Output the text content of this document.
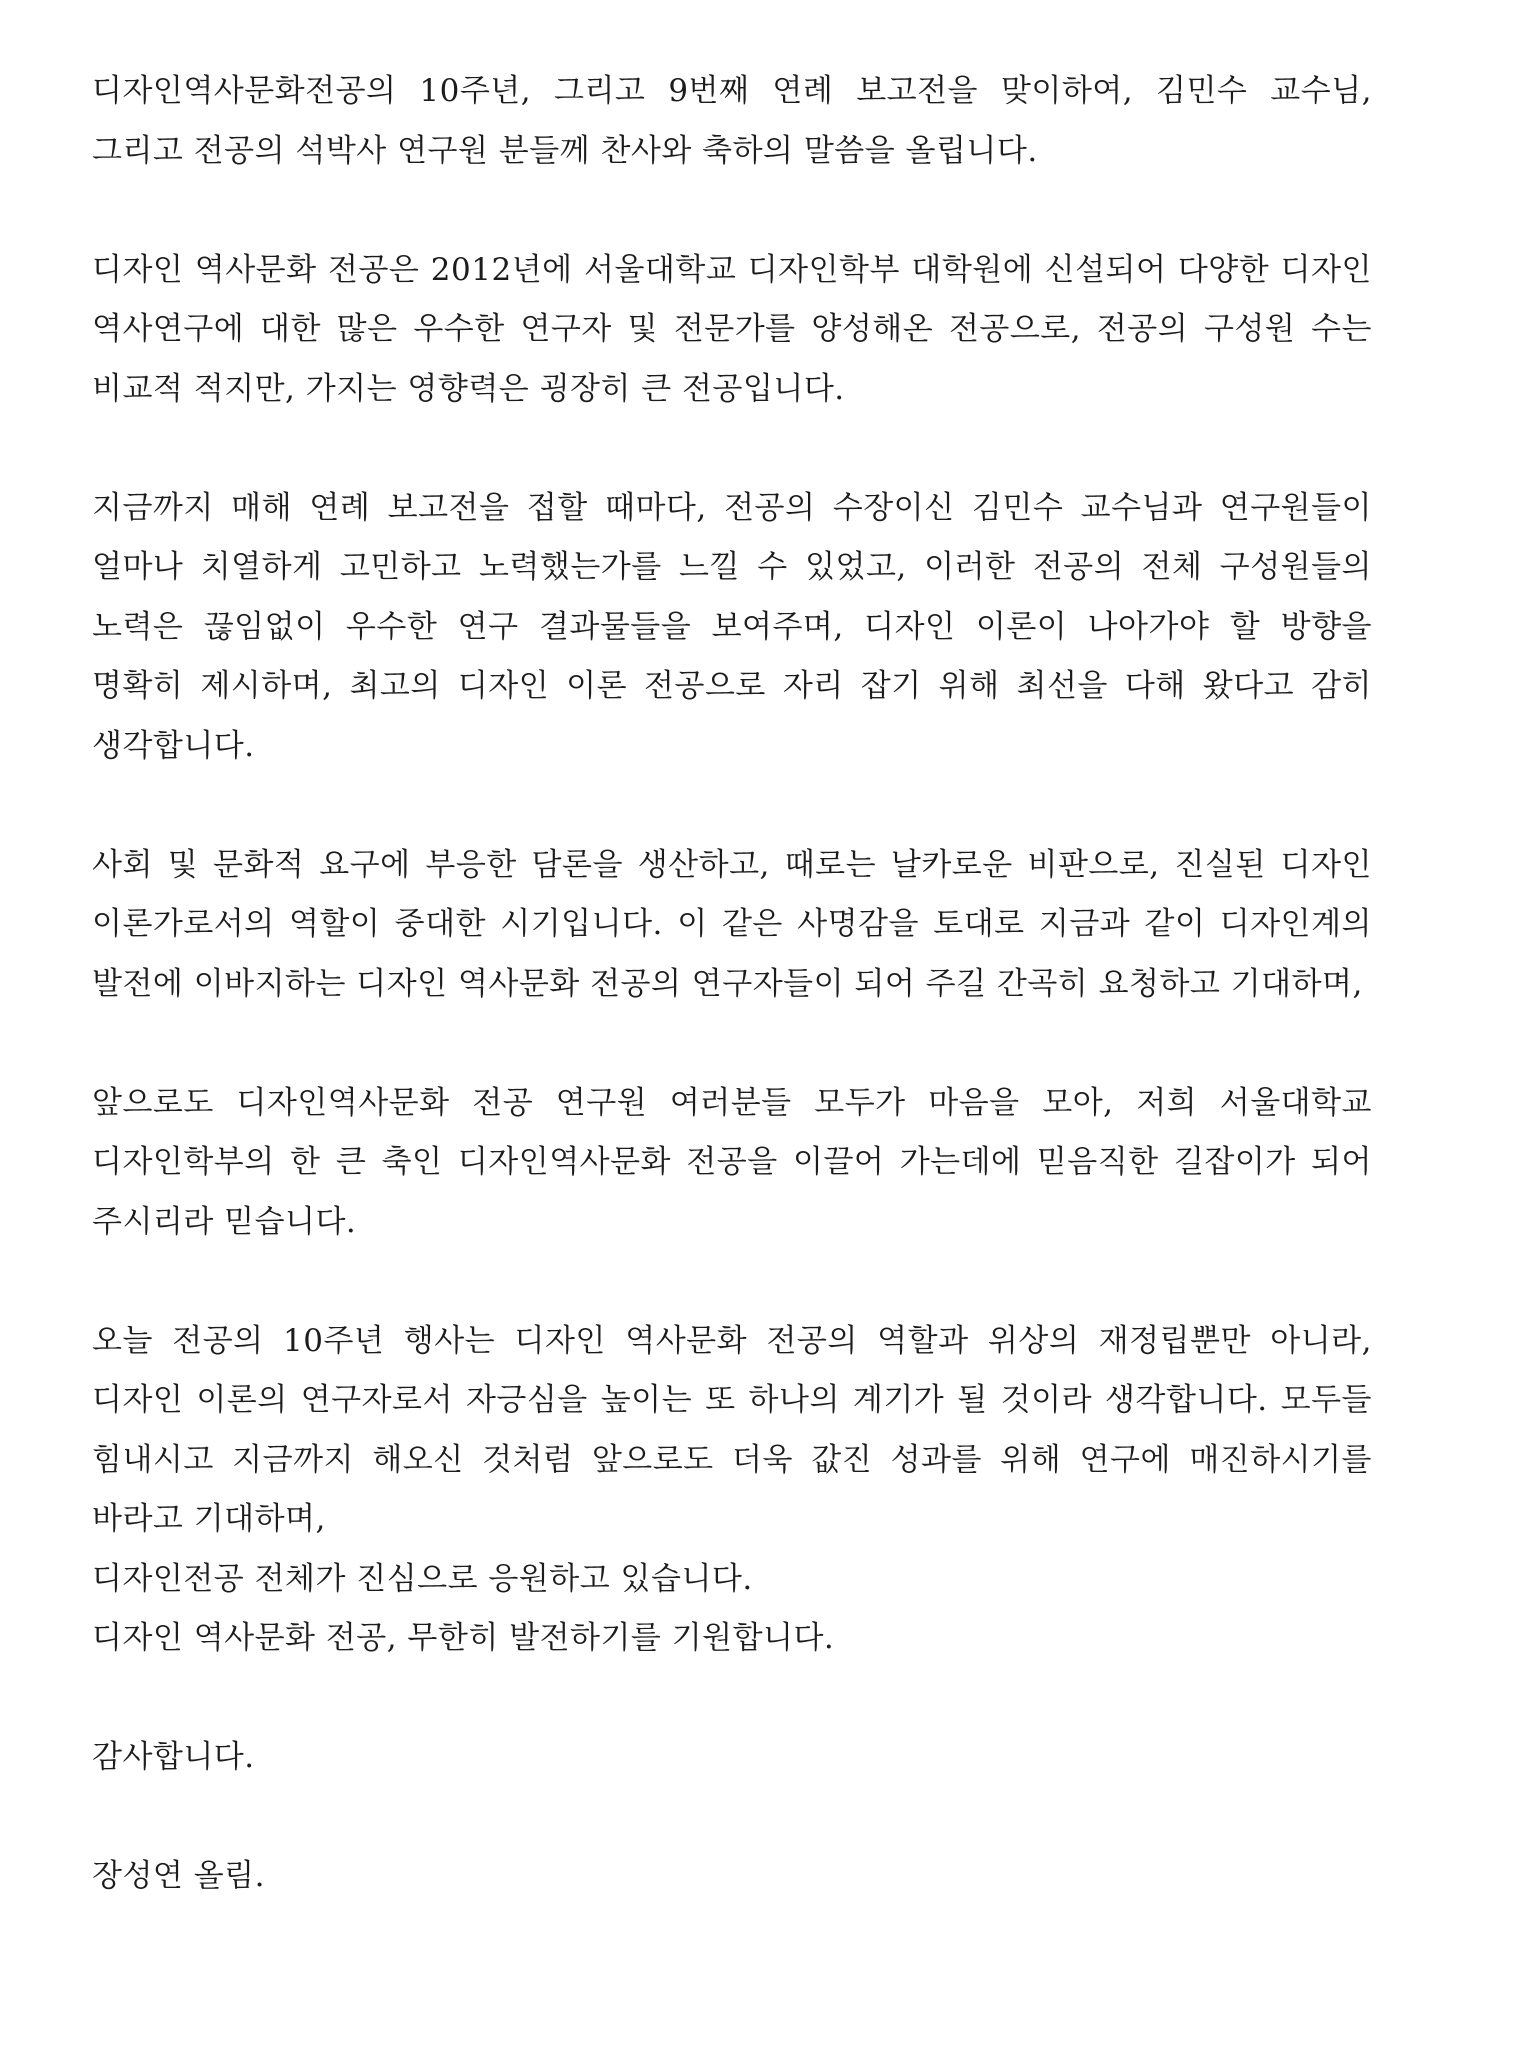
디자인역사문화전공의 10주년, 그리고 9번째 연례 보고전을 맞이하여, 김민수 교수님, 그리고 전공의 석박사 연구원 분들께 찬사와 축하의 말씀을 올립니다.

디자인 역사문화 전공은 2012년에 서울대학교 디자인학부 대학원에 신설되어 다양한 디자인 역사연구에 대한 많은 우수한 연구자 및 전문가를 양성해온 전공으로, 전공의 구성원 수는 비교적 적지만, 가지는 영향력은 굉장히 큰 전공입니다.

지금까지 매해 연례 보고전을 접할 때마다, 전공의 수장이신 김민수 교수님과 연구원들이 얼마나 치열하게 고민하고 노력했는가를 느낄 수 있었고, 이러한 전공의 전체 구성원들의 노력은 끊임없이 우수한 연구 결과물들을 보여주며, 디자인 이론이 나아가야 할 방향을 명확히 제시하며, 최고의 디자인 이론 전공으로 자리 잡기 위해 최선을 다해 왔다고 감히 생각합니다.

사회 및 문화적 요구에 부응한 담론을 생산하고, 때로는 날카로운 비판으로, 진실된 디자인 이론가로서의 역할이 중대한 시기입니다. 이 같은 사명감을 토대로 지금과 같이 디자인계의 발전에 이바지하는 디자인 역사문화 전공의 연구자들이 되어 주길 간곡히 요청하고 기대하며,

앞으로도 디자인역사문화 전공 연구원 여러분들 모두가 마음을 모아, 저희 서울대학교 디자인학부의 한 큰 축인 디자인역사문화 전공을 이끌어 가는데에 믿음직한 길잡이가 되어 주시리라 믿습니다.

오늘 전공의 10주년 행사는 디자인 역사문화 전공의 역할과 위상의 재정립뿐만 아니라, 디자인 이론의 연구자로서 자긍심을 높이는 또 하나의 계기가 될 것이라 생각합니다. 모두들 힘내시고 지금까지 해오신 것처럼 앞으로도 더욱 값진 성과를 위해 연구에 매진하시기를 바라고 기대하며,

디자인전공 전체가 진심으로 응원하고 있습니다.

디자인 역사문화 전공, 무한히 발전하기를 기원합니다.

감사합니다.

장성연 올림.
